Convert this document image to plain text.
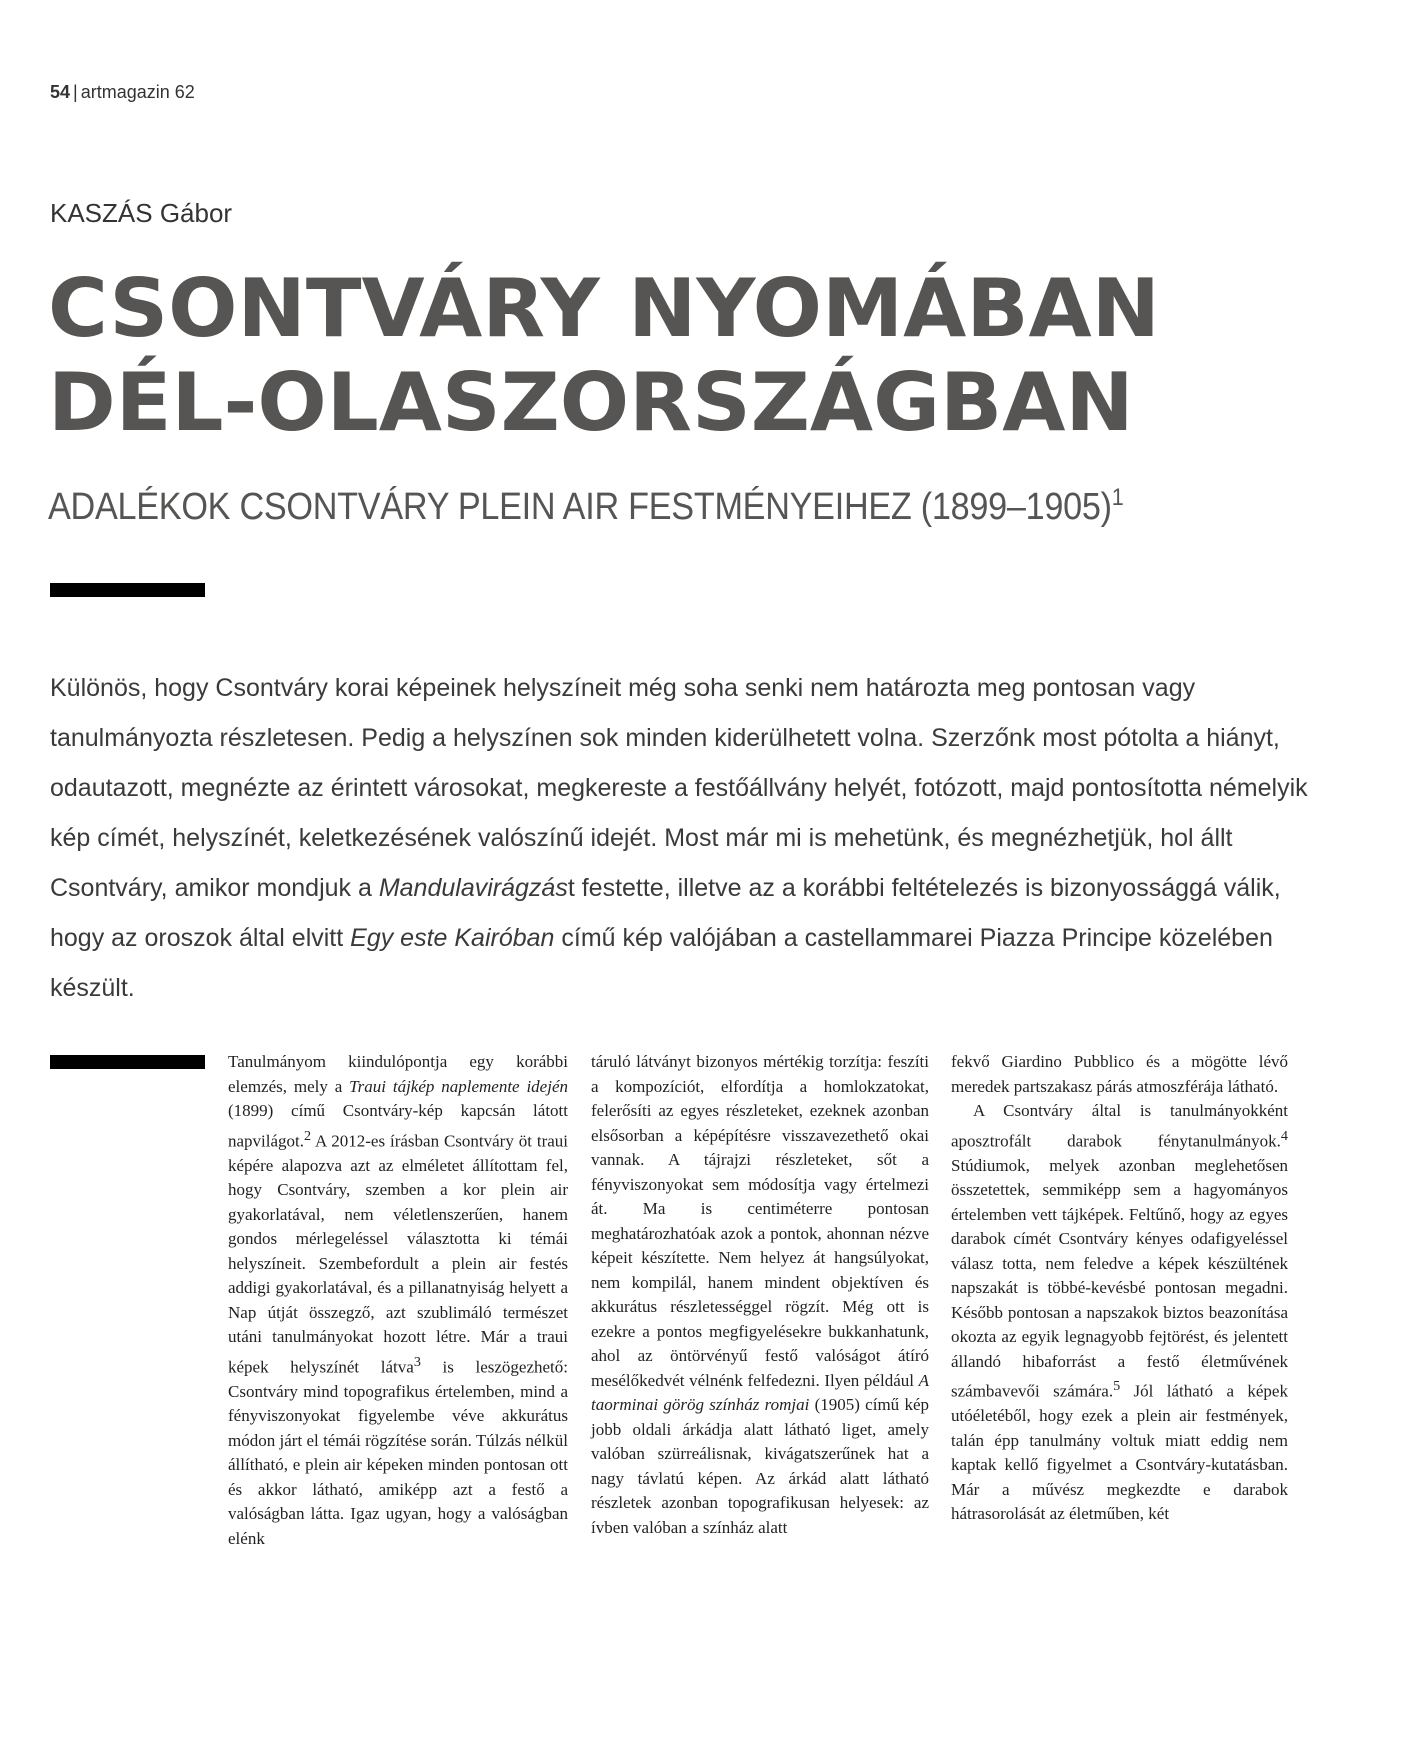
54 | artmagazin 62
KASZÁS Gábor
CSONTVÁRY NYOMÁBAN
DÉL-OLASZORSZÁGBAN
ADALÉKOK CSONTVÁRY PLEIN AIR FESTMÉNYEIHEZ (1899–1905)$^1$

Különös, hogy Csontváry korai képeinek helyszíneit még soha senki nem határozta meg pontosan vagy tanulmányozta részletesen. Pedig a helyszínen sok minden kiderülhetett volna. Szerzőnk most pótolta a hiányt, odautazott, megnézte az érintett városokat, megkereste a festőállvány helyét, fotózott, majd pontosította némelyik kép címét, helyszínét, keletkezésének valószínű idejét. Most már mi is mehetünk, és megnézhetjük, hol állt Csontváry, amikor mondjuk a Mandulavirágzást festette, illetve az a korábbi feltételezés is bizonyossággá válik, hogy az oroszok által elvitt Egy este Kairóban című kép valójában a castellammarei Piazza Principe közelében készült.

Tanulmányom kiindulópontja egy korábbi elemzés, mely a Traui tájkép naplemente idején (1899) című Csontváry-kép kapcsán látott napvilágot.$^2$ A 2012-es írásban Csontváry öt traui képére alapozva azt az elméletet állítottam fel, hogy Csontváry, szemben a kor plein air gyakorlatával, nem véletlenszerűen, hanem gondos mérlegeléssel választotta ki témái helyszíneit. Szembefordult a plein air festés addigi gyakorlatával, és a pillanatnyiság helyett a Nap útját összegző, azt szublimáló természet utáni tanulmányokat hozott létre. Már a traui képek helyszínét látva$^3$ is leszögezhető: Csontváry mind topografikus értelemben, mind a fényviszonyokat figyelembe véve akkurátus módon járt el témái rögzítése során. Túlzás nélkül állítható, e plein air képeken minden pontosan ott és akkor látható, amiképp azt a festő a valóságban látta. Igaz ugyan, hogy a valóságban elénk

táruló látványt bizonyos mértékig torzítja: feszíti a kompozíciót, elfordítja a homlokzatokat, felerősíti az egyes részleteket, ezeknek azonban elsősorban a képépítésre visszavezethető okai vannak. A tájrajzi részleteket, sőt a fényviszonyokat sem módosítja vagy értelmezi át. Ma is centiméterre pontosan meghatározhatóak azok a pontok, ahonnan nézve képeit készítette. Nem helyez át hangsúlyokat, nem kompilál, hanem mindent objektíven és akkurátus részletességgel rögzít. Még ott is ezekre a pontos megfigyelésekre bukkanhatunk, ahol az öntörvényű festő valóságot átíró mesélőkedvét vélnénk felfedezni. Ilyen például A taorminai görög színház romjai (1905) című kép jobb oldali árkádja alatt látható liget, amely valóban szürreálisnak, kivágatszerűnek hat a nagy távlatú képen. Az árkád alatt látható részletek azonban topografikusan helyesek: az ívben valóban a színház alatt

fekvő Giardino Pubblico és a mögötte lévő meredek partszakasz párás atmoszférája látható.

A Csontváry által is tanulmányokként aposztrofált darabok fénytanulmányok.$^4$ Stúdiumok, melyek azonban meglehetősen összetettek, semmiképp sem a hagyományos értelemben vett tájképek. Feltűnő, hogy az egyes darabok címét Csontváry kényes odafigyeléssel válasz totta, nem feledve a képek készültének napszakát is többé-kevésbé pontosan megadni. Később pontosan a napszakok biztos beazonítása okozta az egyik legnagyobb fejtörést, és jelentett állandó hibaforrást a festő életművének számbavevői számára.$^5$ Jól látható a képek utóéletéből, hogy ezek a plein air festmények, talán épp tanulmány voltuk miatt eddig nem kaptak kellő figyelmet a Csontváry-kutatásban. Már a művész megkezdte e darabok hátrasorolását az életműben, két
